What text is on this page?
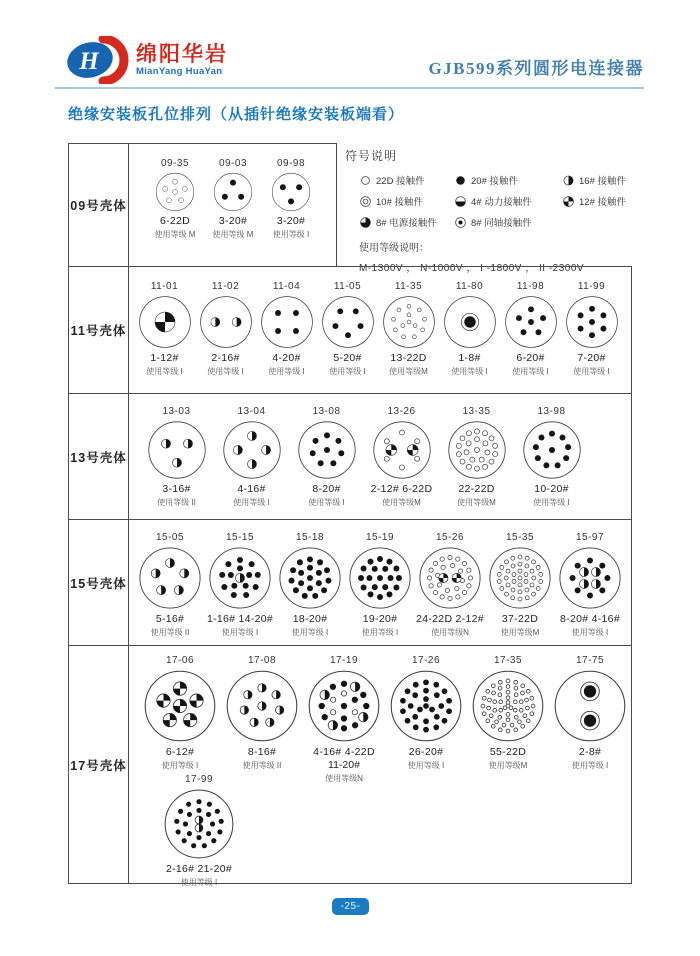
H 绵阳华岩
MianYang HuaYan	GJB599系列圆形电连接器
绝缘安装板孔位排列（从插针绝缘安装板端看）
09号壳体
09-35
6-22D
使用等级 M
09-03
3-20#
使用等级 M
09-98
3-20#
使用等级 I
符号说明
22D 接触件	20# 接触件	16# 接触件
10# 接触件	4# 动力接触件	12# 接触件
8# 电源接触件	8# 同轴接触件
使用等级说明：
M-1300V ， N-1000V ， I -1800V ， II -2300V
11号壳体
11-01
1-12#
使用等级 I
11-02
2-16#
使用等级 I
11-04
4-20#
使用等级 I
11-05
5-20#
使用等级 I
11-35
13-22D
使用等级M
11-80
1-8#
使用等级 I
11-98
6-20#
使用等级 I
11-99
7-20#
使用等级 I
13号壳体
13-03
3-16#
使用等级 II
13-04
4-16#
使用等级 I
13-08
8-20#
使用等级 I
13-26
2-12# 6-22D
使用等级M
13-35
22-22D
使用等级M
13-98
10-20#
使用等级 I
15号壳体
15-05
5-16#
使用等级 II
15-15
1-16# 14-20#
使用等级 I
15-18
18-20#
使用等级 I
15-19
19-20#
使用等级 I
15-26
24-22D 2-12#
使用等级N
15-35
37-22D
使用等级M
15-97
8-20# 4-16#
使用等级 I
17号壳体
17-06
6-12#
使用等级 I
17-08
8-16#
使用等级 II
17-19
4-16# 4-22D
11-20#
使用等级N
17-26
26-20#
使用等级 I
17-35
55-22D
使用等级M
17-75
2-8#
使用等级 I
17-99
2-16# 21-20#
使用等级 I
-25-
